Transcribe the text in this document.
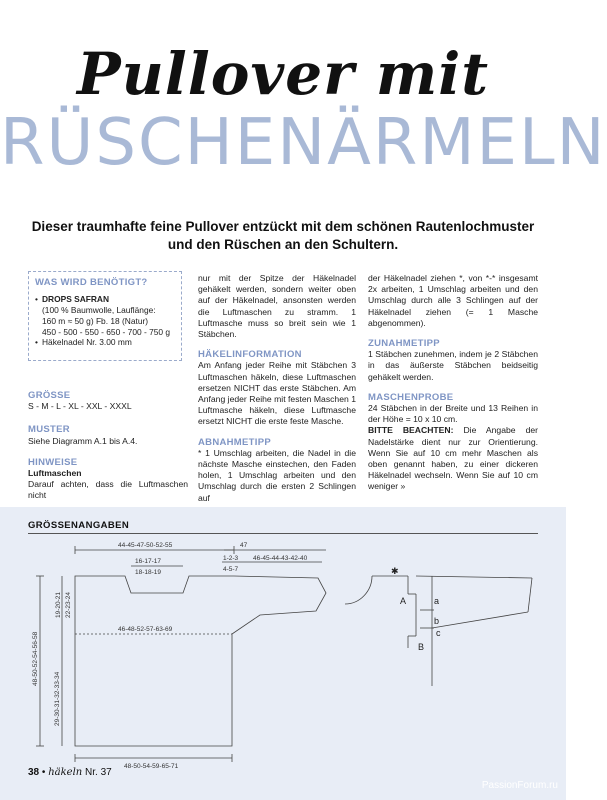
Pullover mit
RÜSCHENÄRMELN
Dieser traumhafte feine Pullover entzückt mit dem schönen Rautenlochmuster
und den Rüschen an den Schultern.
WAS WIRD BENÖTIGT?
• DROPS SAFRAN
(100 % Baumwolle, Lauflänge:
160 m ≈ 50 g) Fb. 18 (Natur)
450 - 500 - 550 - 650 - 700 - 750 g
• Häkelnadel Nr. 3.00 mm
GRÖSSE

S - M - L - XL - XXL - XXXL

MUSTER

Siehe Diagramm A.1 bis A.4.

HINWEISE

Luftmaschen

Darauf achten, dass die Luftmaschen nicht

nur mit der Spitze der Häkelnadel gehäkelt werden, sondern weiter oben auf der Häkelnadel, ansonsten werden die Luftmaschen zu stramm. 1 Luftmasche muss so breit sein wie 1 Stäbchen.

HÄKELINFORMATION

Am Anfang jeder Reihe mit Stäbchen 3 Luftmaschen häkeln, diese Luftmaschen ersetzen NICHT das erste Stäbchen. Am Anfang jeder Reihe mit festen Maschen 1 Luftmasche häkeln, diese Luftmasche ersetzt NICHT die erste feste Masche.

ABNAHMETIPP

* 1 Umschlag arbeiten, die Nadel in die nächste Masche einstechen, den Faden holen, 1 Umschlag arbeiten und den Umschlag durch die ersten 2 Schlingen auf

der Häkelnadel ziehen *, von *-* insgesamt 2x arbeiten, 1 Umschlag arbeiten und den Umschlag durch alle 3 Schlingen auf der Häkelnadel ziehen (= 1 Masche abgenommen).

ZUNAHMETIPP

1 Stäbchen zunehmen, indem je 2 Stäbchen in das äußerste Stäbchen beidseitig gehäkelt werden.

MASCHENPROBE

24 Stäbchen in der Breite und 13 Reihen in der Höhe = 10 x 10 cm.

BITTE BEACHTEN: Die Angabe der Nadelstärke dient nur zur Orientierung. Wenn Sie auf 10 cm mehr Maschen als oben genannt haben, zu einer dickeren Häkelnadel wechseln. Wenn Sie auf 10 cm weniger »

GRÖSSENANGABEN
44-45-47-50-52-55
16-17-17
18-18-19
47
1-2-3
4-5-7
46-45-44-43-42-40
46-48-52-57-63-69
48-50-54-59-65-71
19-20-21 22-23-24
48-50-52-54-56-58
29-30-31-32-33-34
✱
A
B
a
b
c
38 • häkeln Nr. 37
PassionForum.ru
